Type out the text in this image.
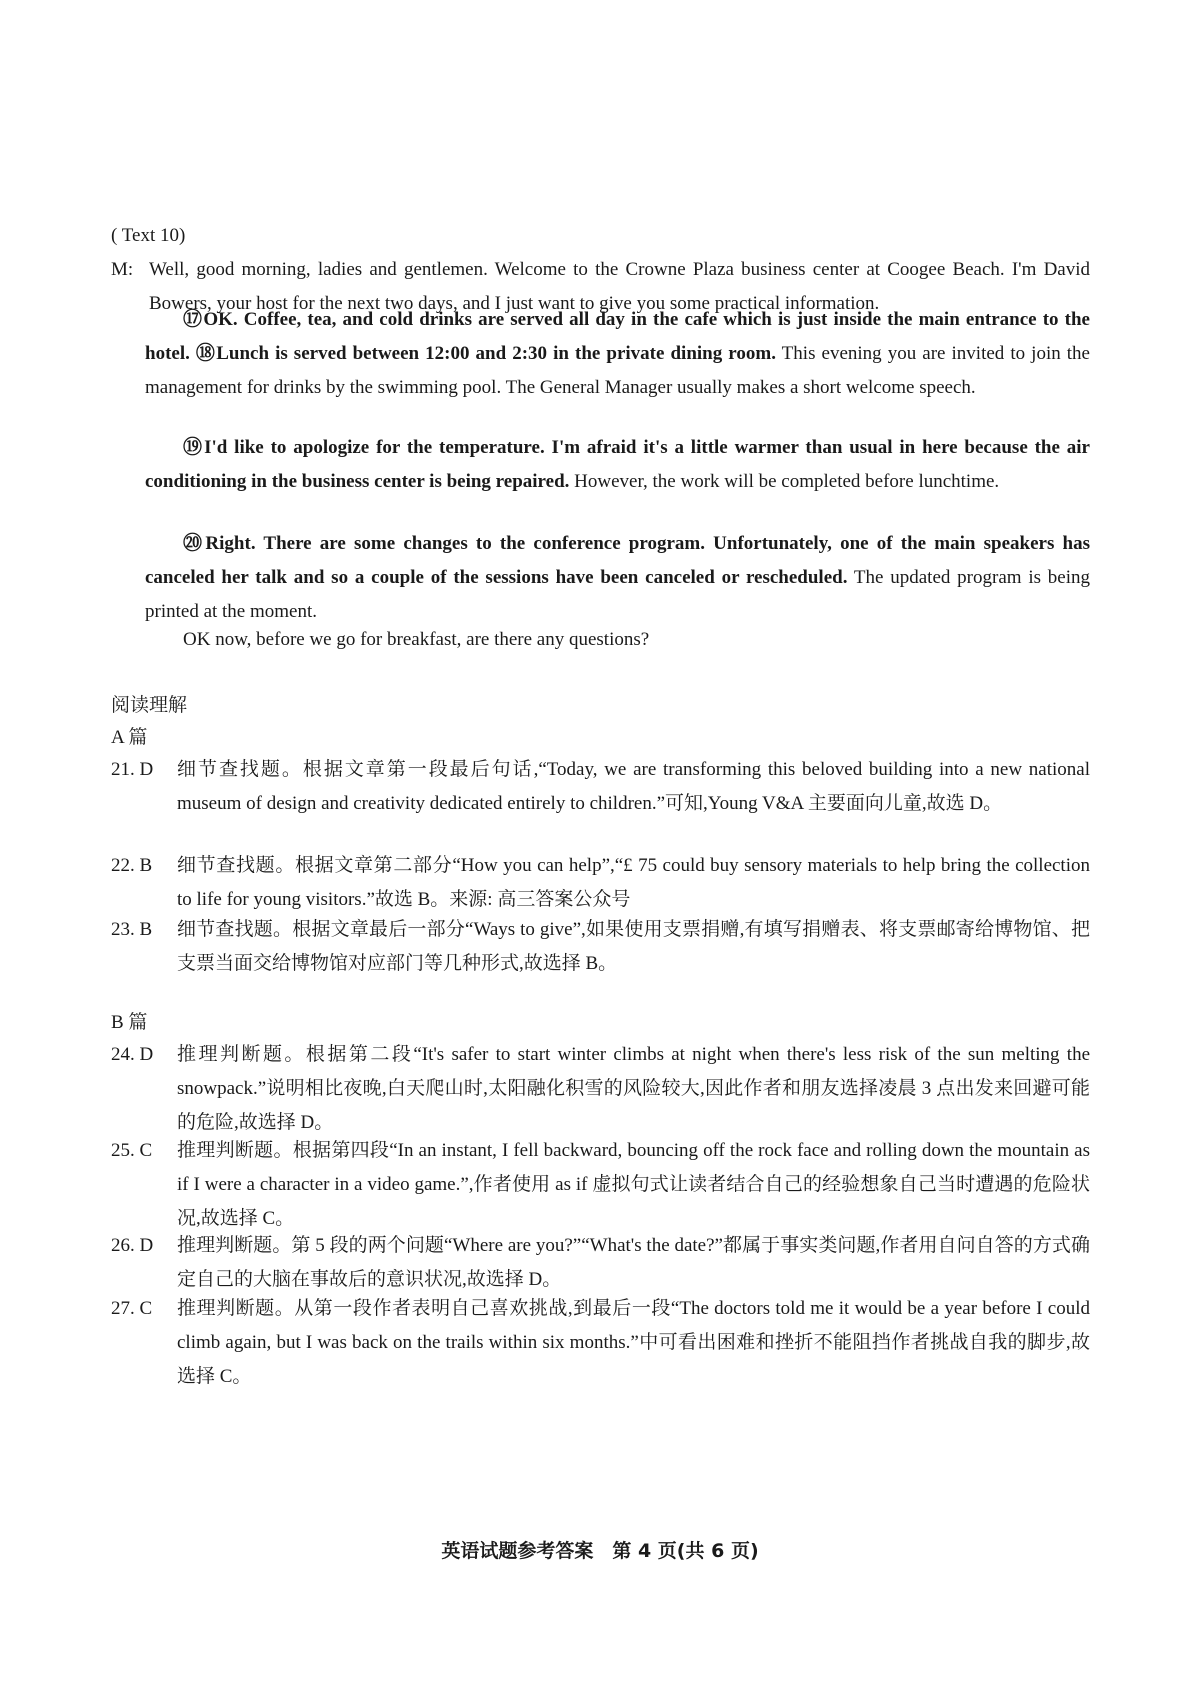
( Text 10)
M: Well, good morning, ladies and gentlemen. Welcome to the Crowne Plaza business center at Coogee Beach. I'm David Bowers, your host for the next two days, and I just want to give you some practical information.
⑰OK. Coffee, tea, and cold drinks are served all day in the cafe which is just inside the main entrance to the hotel. ⑱Lunch is served between 12:00 and 2:30 in the private dining room. This evening you are invited to join the management for drinks by the swimming pool. The General Manager usually makes a short welcome speech.
⑲I'd like to apologize for the temperature. I'm afraid it's a little warmer than usual in here because the air conditioning in the business center is being repaired. However, the work will be completed before lunchtime.
⑳Right. There are some changes to the conference program. Unfortunately, one of the main speakers has canceled her talk and so a couple of the sessions have been canceled or rescheduled. The updated program is being printed at the moment.
OK now, before we go for breakfast, are there any questions?
阅读理解
A 篇
21. D	细节查找题。根据文章第一段最后句话,“Today, we are transforming this beloved building into a new national museum of design and creativity dedicated entirely to children.”可知,Young V&A 主要面向儿童,故选 D。
22. B	细节查找题。根据文章第二部分“How you can help”,“£ 75 could buy sensory materials to help bring the collection to life for young visitors.”故选 B。来源: 高三答案公众号
23. B	细节查找题。根据文章最后一部分“Ways to give”,如果使用支票捐赠,有填写捐赠表、将支票邮寄给博物馆、把支票当面交给博物馆对应部门等几种形式,故选择 B。
B 篇
24. D	推理判断题。根据第二段“It's safer to start winter climbs at night when there's less risk of the sun melting the snowpack.”说明相比夜晚,白天爬山时,太阳融化积雪的风险较大,因此作者和朋友选择凌晨 3 点出发来回避可能的危险,故选择 D。
25. C	推理判断题。根据第四段“In an instant, I fell backward, bouncing off the rock face and rolling down the mountain as if I were a character in a video game.”,作者使用 as if 虚拟句式让读者结合自己的经验想象自己当时遭遇的危险状况,故选择 C。
26. D	推理判断题。第 5 段的两个问题“Where are you?”“What's the date?”都属于事实类问题,作者用自问自答的方式确定自己的大脑在事故后的意识状况,故选择 D。
27. C	推理判断题。从第一段作者表明自己喜欢挑战,到最后一段“The doctors told me it would be a year before I could climb again, but I was back on the trails within six months.”中可看出困难和挫折不能阻挡作者挑战自我的脚步,故选择 C。
英语试题参考答案　第 4 页(共 6 页)
